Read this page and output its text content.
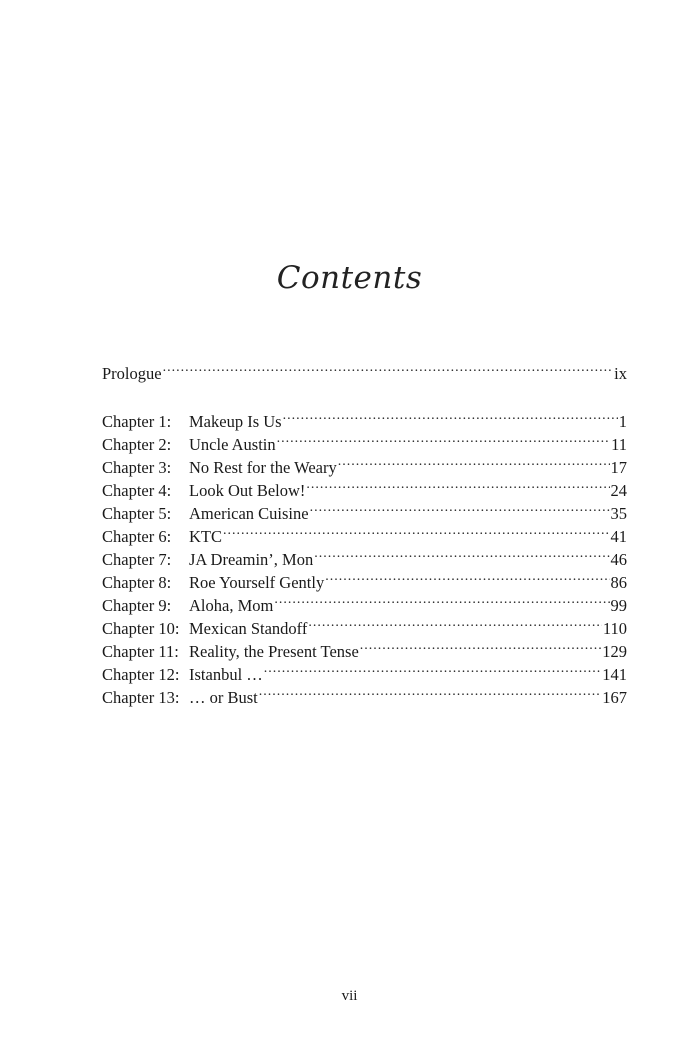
Contents
Prologue .....	ix
Chapter 1:	Makeup Is Us .....	1
Chapter 2:	Uncle Austin .....	11
Chapter 3:	No Rest for the Weary .....	17
Chapter 4:	Look Out Below! .....	24
Chapter 5:	American Cuisine .....	35
Chapter 6:	KTC .....	41
Chapter 7:	JA Dreamin’, Mon .....	46
Chapter 8:	Roe Yourself Gently .....	86
Chapter 9:	Aloha, Mom .....	99
Chapter 10: Mexican Standoff .....	110
Chapter 11: Reality, the Present Tense .....	129
Chapter 12: Istanbul … .....	141
Chapter 13: … or Bust .....	167
vii
